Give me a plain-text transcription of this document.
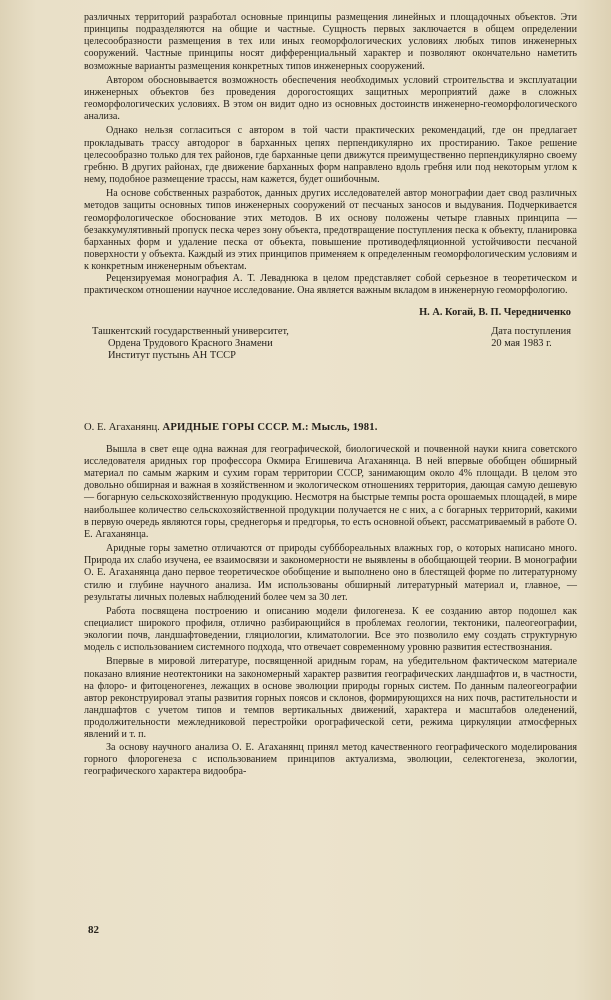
различных территорий разработал основные принципы размещения линейных и площадочных объектов. Эти принципы подразделяются на общие и частные. Сущность первых заключается в общем определении целесообразности размещения в тех или иных геоморфологических условиях любых типов инженерных сооружений. Частные принципы носят дифференциальный характер и позволяют окончательно наметить возможные варианты размещения конкретных типов инженерных сооружений.

Автором обосновывается возможность обеспечения необходимых условий строительства и эксплуатации инженерных объектов без проведения дорогостоящих защитных мероприятий даже в сложных геоморфологических условиях. В этом он видит одно из основных достоинств инженерно-геоморфологического анализа.

Однако нельзя согласиться с автором в той части практических рекомендаций, где он предлагает прокладывать трассу автодорог в барханных цепях перпендикулярно их простиранию. Такое решение целесообразно только для тех районов, где барханные цепи движутся преимущественно перпендикулярно своему гребню. В других районах, где движение барханных форм направлено вдоль гребня или под некоторым углом к нему, подобное размещение трассы, нам кажется, будет ошибочным.

На основе собственных разработок, данных других исследователей автор монографии дает свод различных методов защиты основных типов инженерных сооружений от песчаных заносов и выдувания. Подчеркивается геоморфологическое обоснование этих методов. В их основу положены четыре главных принципа — безаккумулятивный пропуск песка через зону объекта, предотвращение поступления песка к объекту, планировка барханных форм и удаление песка от объекта, повышение противодефляционной устойчивости песчаной поверхности у объекта. Каждый из этих принципов применяем к определенным геоморфологическим условиям и к конкретным инженерным объектам.

Рецензируемая монография А. Т. Леваднюка в целом представляет собой серьезное в теоретическом и практическом отношении научное исследование. Она является важным вкладом в инженерную геоморфологию.

Н. А. Когай, В. П. Чередниченко
Ташкентский государственный университет,
Ордена Трудового Красного Знамени
Институт пустынь АН ТССР
Дата поступления
20 мая 1983 г.
О. Е. Агаханянц. АРИДНЫЕ ГОРЫ СССР. М.: Мысль, 1981.

Вышла в свет еще одна важная для географической, биологической и почвенной науки книга советского исследователя аридных гор профессора Окмира Егишевича Агаханянца. В ней впервые обобщен обширный материал по самым жарким и сухим горам территории СССР, занимающим около 4% площади. В целом это довольно обширная и важная в хозяйственном и экологическом отношениях территория, дающая самую дешевую — богарную сельскохозяйственную продукцию. Несмотря на быстрые темпы роста орошаемых площадей, в мире наибольшее количество сельскохозяйственной продукции получается не с них, а с богарных территорий, какими в первую очередь являются горы, среднегорья и предгорья, то есть основной объект, рассматриваемый в работе О. Е. Агаханянца.

Аридные горы заметно отличаются от природы субббореальных влажных гор, о которых написано много. Природа их слабо изучена, ее взаимосвязи и закономерности не выявлены в обобщающей теории. В монографии О. Е. Агаханянца дано первое теоретическое обобщение и выполнено оно в блестящей форме по литературному стилю и глубине научного анализа. Им использованы обширный литературный материал и, главное, — результаты личных полевых наблюдений более чем за 30 лет.

Работа посвящена построению и описанию модели филогенеза. К ее созданию автор подошел как специалист широкого профиля, отлично разбирающийся в проблемах геологии, тектоники, палеогеографии, экологии почв, ландшафтоведении, гляциологии, климатологии. Все это позволило ему создать структурную модель с использованием системного подхода, что отвечает современному уровню развития естествознания.

Впервые в мировой литературе, посвященной аридным горам, на убедительном фактическом материале показано влияние неотектоники на закономерный характер развития географических ландшафтов и, в частности, на флоро- и фитоценогенез, лежащих в основе эволюции природы горных систем. По данным палеогеографии автор реконструировал этапы развития горных поясов и склонов, формирующихся на них почв, растительности и ландшафтов с учетом типов и темпов вертикальных движений, характера и масштабов оледенений, продолжительности межледниковой перестройки орографической сети, режима циркуляции атмосферных явлений и т. п.

За основу научного анализа О. Е. Агаханянц принял метод качественного географического моделирования горного флорогенеза с использованием принципов актуализма, эволюции, селектогенеза, экологии, географического характера видообра-

82
